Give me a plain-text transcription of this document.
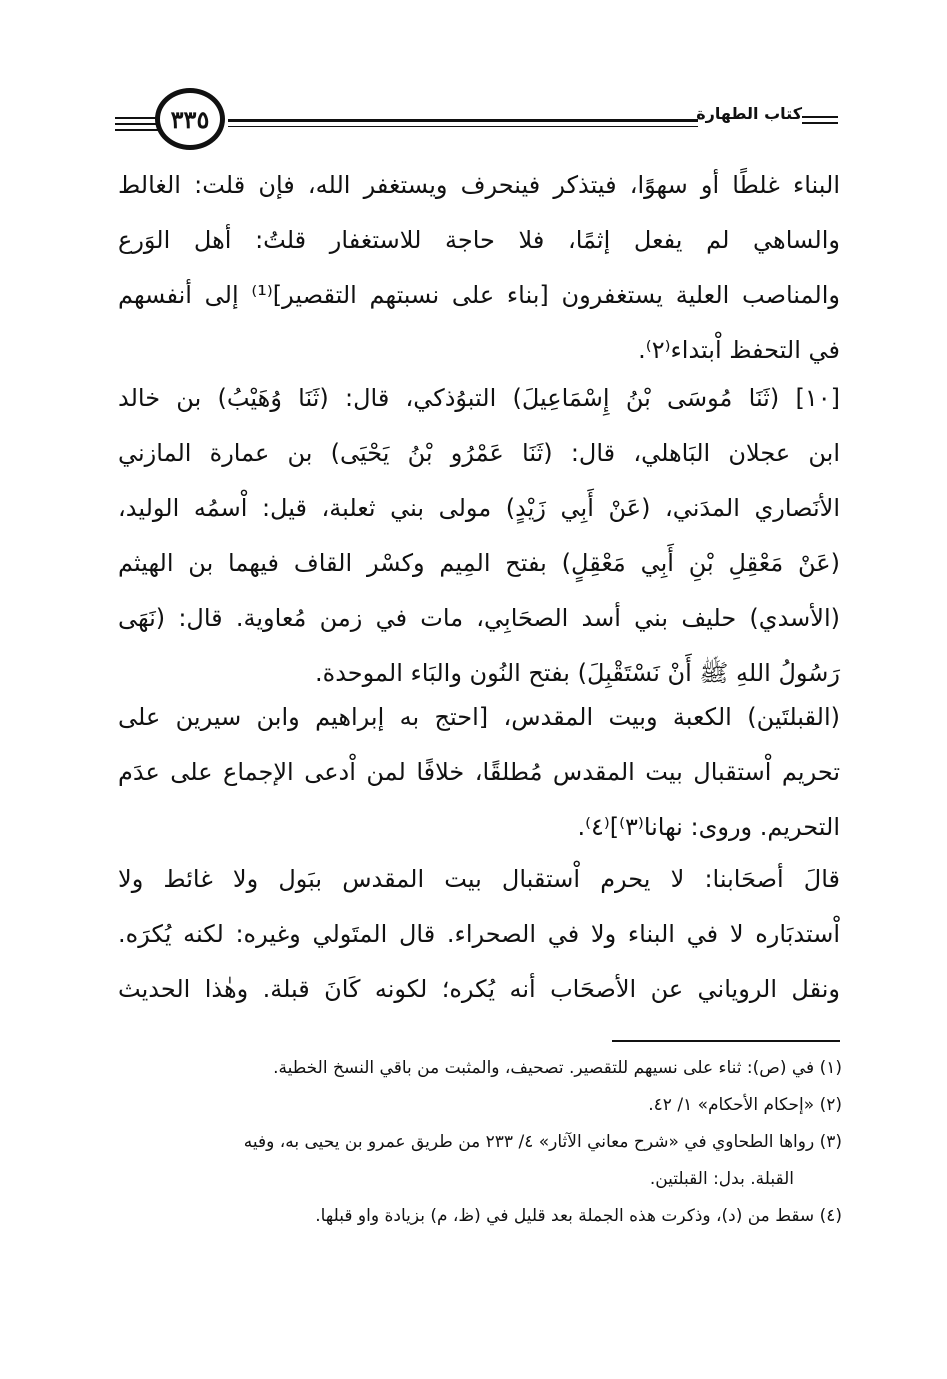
٣٣٥	كتاب الطهارة
البناء غلطًا أو سهوًا، فيتذكر فينحرف ويستغفر الله، فإن قلت: الغالط
والساهي لم يفعل إثمًا، فلا حاجة للاستغفار قلتُ: أهل الوَرع
والمناصب العلية يستغفرون [بناء على نسبتهم التقصير]⁽¹⁾ إلى أنفسهم
في التحفظ اْبتداء⁽٢⁾.
[١٠] (ثَنَا مُوسَى بْنُ إِسْمَاعِيلَ) التبوُذكي، قال: (ثَنَا وُهَيْبُ) بن خالد
ابن عجلان البَاهلي، قال: (ثَنَا عَمْرُو بْنُ يَحْيَى) بن عمارة المازني
الأنَصاري المدَني، (عَنْ أَبِي زَيْدٍ) مولى بني ثعلبة، قيل: اْسمُه الوليد،
(عَنْ مَعْقِلِ بْنِ أَبِي مَعْقِلٍ) بفتح المِيم وكسْر القاف فيهما بن الهيثم
(الأسدي) حليف بني أسد الصحَابِي، مات في زمن مُعاوية. قال: (نَهَى
رَسُولُ اللهِ ﷺ أَنْ نَسْتَقْبِلَ) بفتح النُون والبَاء الموحدة.
(القبلتَين) الكعبة وبيت المقدس، [احتج به إبراهيم وابن سيرين على
تحريم اْستقبال بيت المقدس مُطلقًا، خلافًا لمن اْدعى الإجماع على عدَم
التحريم. وروى: نهانا⁽٣⁾]⁽٤⁾.
قالَ أصحَابنا: لا يحرم اْستقبال بيت المقدس ببَول ولا غائط ولا
اْستدبَاره لا في البناء ولا في الصحراء. قال المتَولي وغيره: لكنه يُكرَه.
ونقل الروياني عن الأصحَاب أنه يُكره؛ لكونه كَانَ قبلة. وهٰذا الحديث
(١) في (ص): ثناء على نسيهم للتقصير. تصحيف، والمثبت من باقي النسخ الخطية.
(٢) «إحكام الأحكام» ١/ ٤٢.
(٣) رواها الطحاوي في «شرح معاني الآثار» ٤/ ٢٣٣ من طريق عمرو بن يحيى به، وفيه
القبلة. بدل: القبلتين.
(٤) سقط من (د)، وذكرت هذه الجملة بعد قليل في (ظ، م) بزيادة واو قبلها.
